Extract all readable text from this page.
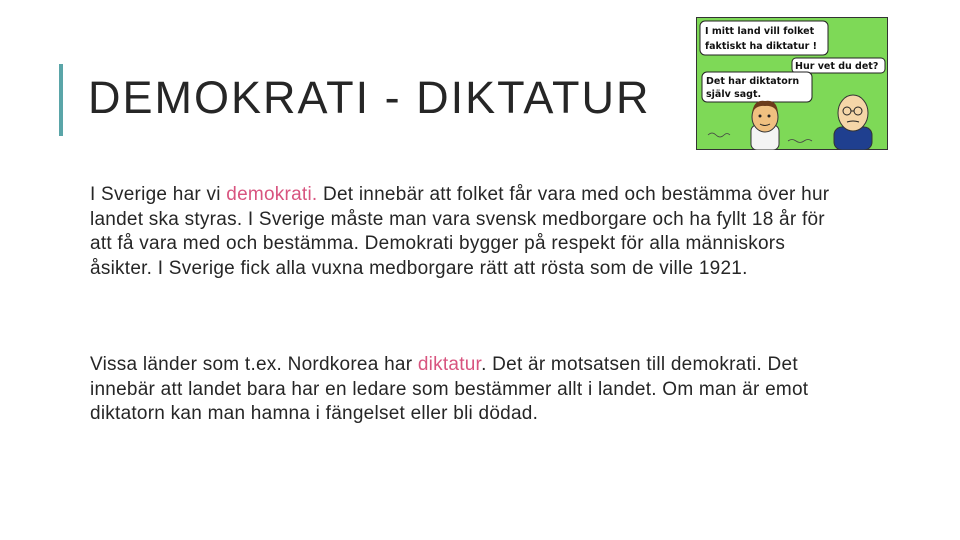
DEMOKRATI - DIKTATUR
I mitt land vill folket
faktiskt ha diktatur !
Hur vet du det?
Det har diktatorn
själv sagt.

I Sverige har vi demokrati. Det innebär att folket får vara med och bestämma över hur landet ska styras. I Sverige måste man vara svensk medborgare och ha fyllt 18 år för att få vara med och bestämma. Demokrati bygger på respekt för alla människors åsikter. I Sverige fick alla vuxna medborgare rätt att rösta som de ville 1921.

Vissa länder som t.ex. Nordkorea har diktatur. Det är motsatsen till demokrati. Det innebär att landet bara har en ledare som bestämmer allt i landet. Om man är emot diktatorn kan man hamna i fängelset eller bli dödad.
